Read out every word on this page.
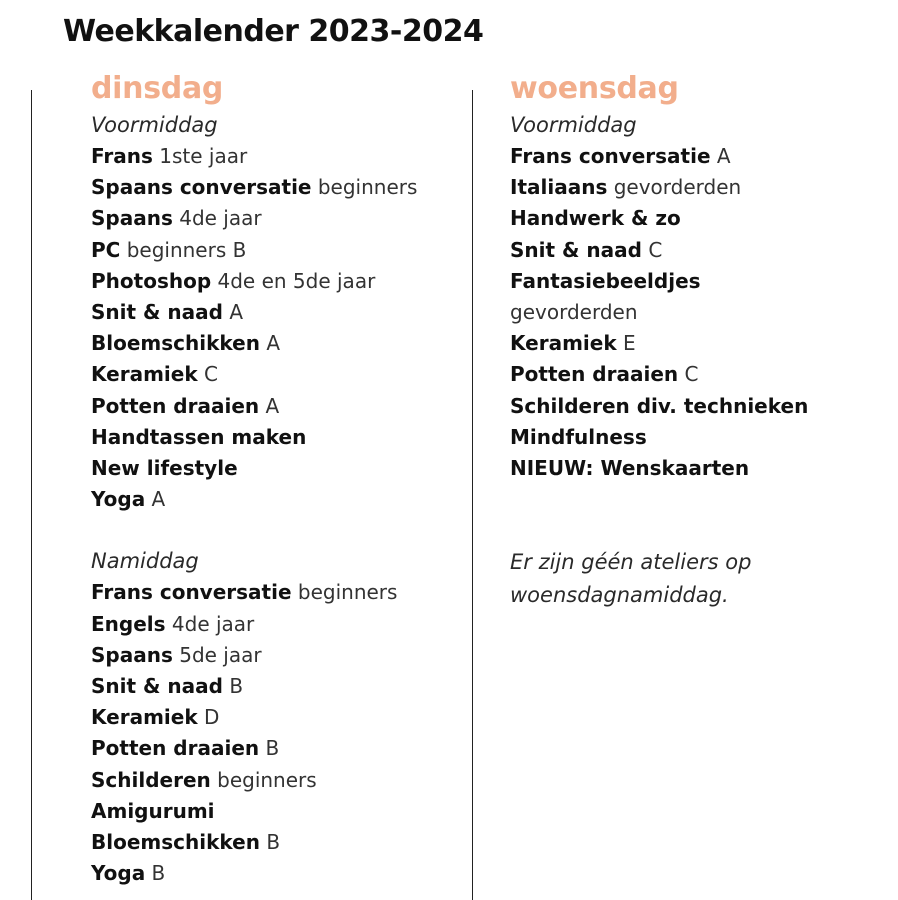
Weekkalender 2023-2024
dinsdag
Voormiddag
Frans 1ste jaar
Spaans conversatie beginners
Spaans 4de jaar
PC beginners B
Photoshop 4de en 5de jaar
Snit & naad A
Bloemschikken A
Keramiek C
Potten draaien A
Handtassen maken
New lifestyle
Yoga A
Namiddag
Frans conversatie beginners
Engels 4de jaar
Spaans 5de jaar
Snit & naad B
Keramiek D
Potten draaien B
Schilderen beginners
Amigurumi
Bloemschikken B
Yoga B
woensdag
Voormiddag
Frans conversatie A
Italiaans gevorderden
Handwerk & zo
Snit & naad C
Fantasiebeeldjes
gevorderden
Keramiek E
Potten draaien C
Schilderen div. technieken
Mindfulness
NIEUW: Wenskaarten

Er zijn géén ateliers op
woensdagnamiddag.
